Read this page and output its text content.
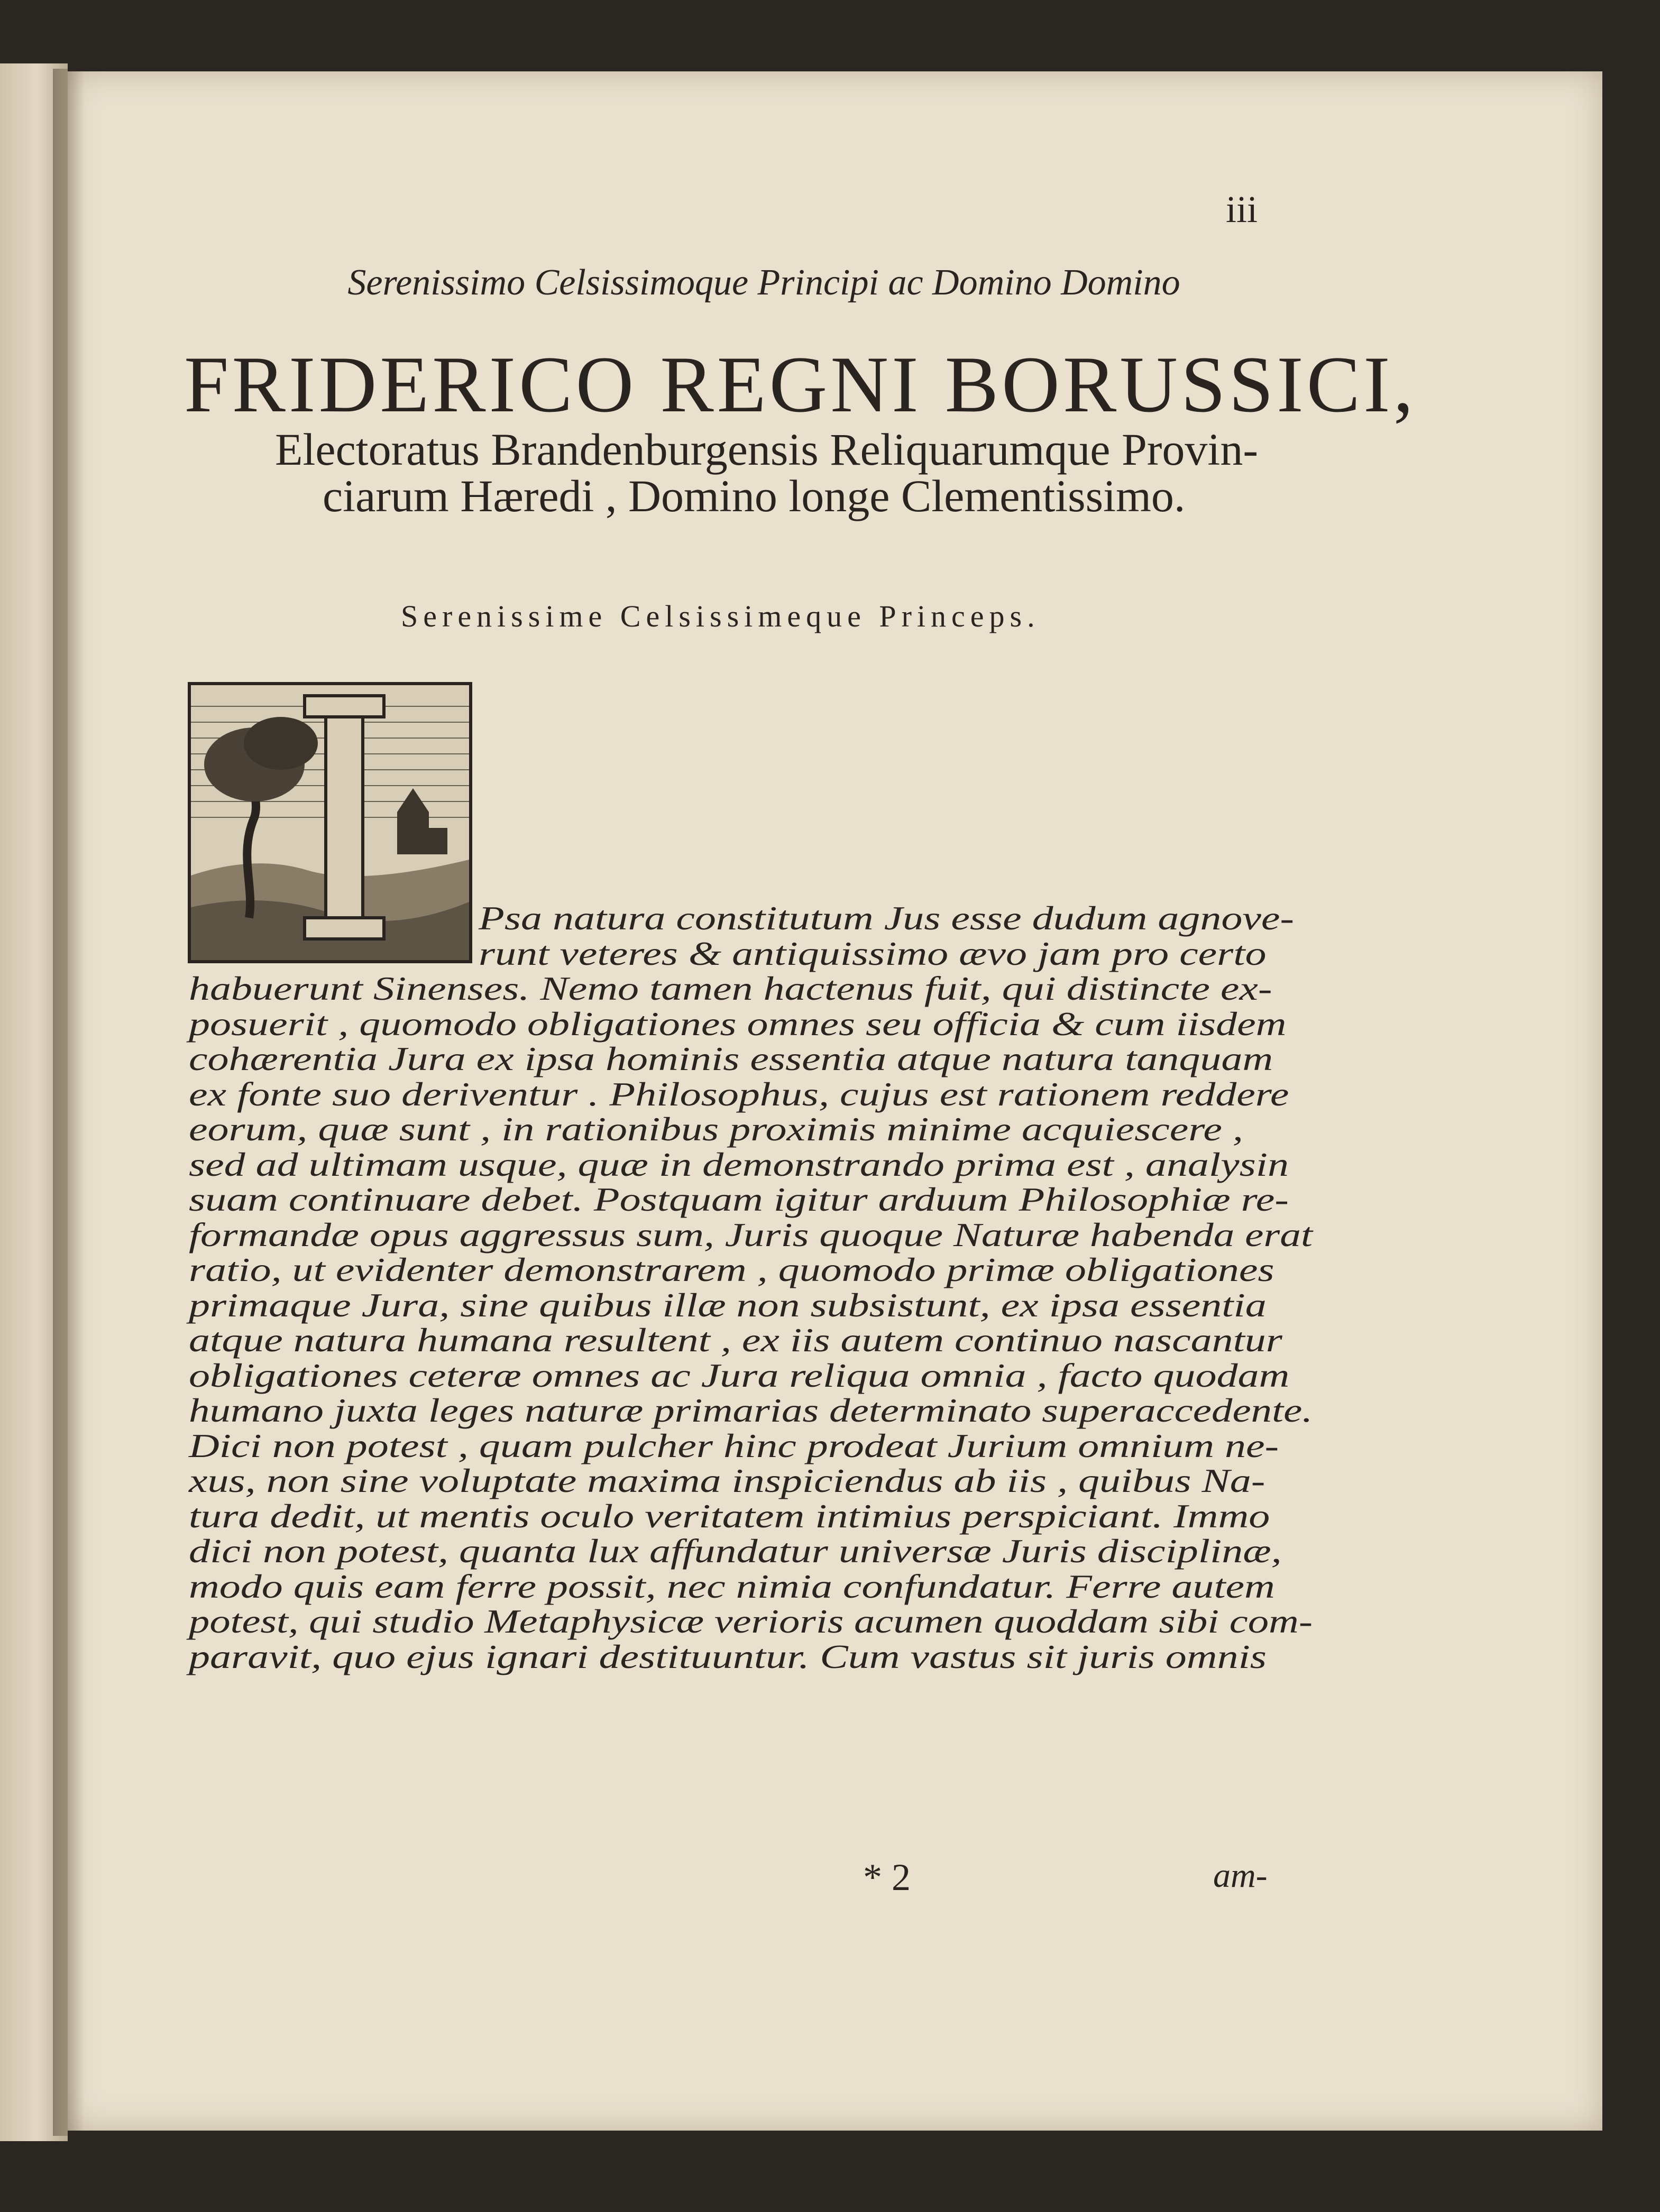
iii

Serenissimo Celsissimoque Principi ac Domino Domino

FRIDERICO REGNI BORUSSICI,

Electoratus Brandenburgensis Reliquarumque Provin-

ciarum Hæredi , Domino longe Clementissimo.

Serenissime Celsissimeque Princeps.

I
Psa natura constitutum Jus esse dudum agnove-
runt veteres & antiquissimo ævo jam pro certo
habuerunt Sinenses. Nemo tamen hactenus fuit, qui distincte ex-
posuerit , quomodo obligationes omnes seu officia & cum iisdem
cohærentia Jura ex ipsa hominis essentia atque natura tanquam
ex fonte suo deriventur . Philosophus, cujus est rationem reddere
eorum, quæ sunt , in rationibus proximis minime acquiescere ,
sed ad ultimam usque, quæ in demonstrando prima est , analysin
suam continuare debet. Postquam igitur arduum Philosophiæ re-
formandæ opus aggressus sum, Juris quoque Naturæ habenda erat
ratio, ut evidenter demonstrarem , quomodo primæ obligationes
primaque Jura, sine quibus illæ non subsistunt, ex ipsa essentia
atque natura humana resultent , ex iis autem continuo nascantur
obligationes ceteræ omnes ac Jura reliqua omnia , facto quodam
humano juxta leges naturæ primarias determinato superaccedente.
Dici non potest , quam pulcher hinc prodeat Jurium omnium ne-
xus, non sine voluptate maxima inspiciendus ab iis , quibus Na-
tura dedit, ut mentis oculo veritatem intimius perspiciant. Immo
dici non potest, quanta lux affundatur universæ Juris disciplinæ,
modo quis eam ferre possit, nec nimia confundatur. Ferre autem
potest, qui studio Metaphysicæ verioris acumen quoddam sibi com-
paravit, quo ejus ignari destituuntur. Cum vastus sit juris omnis

* 2	am-
